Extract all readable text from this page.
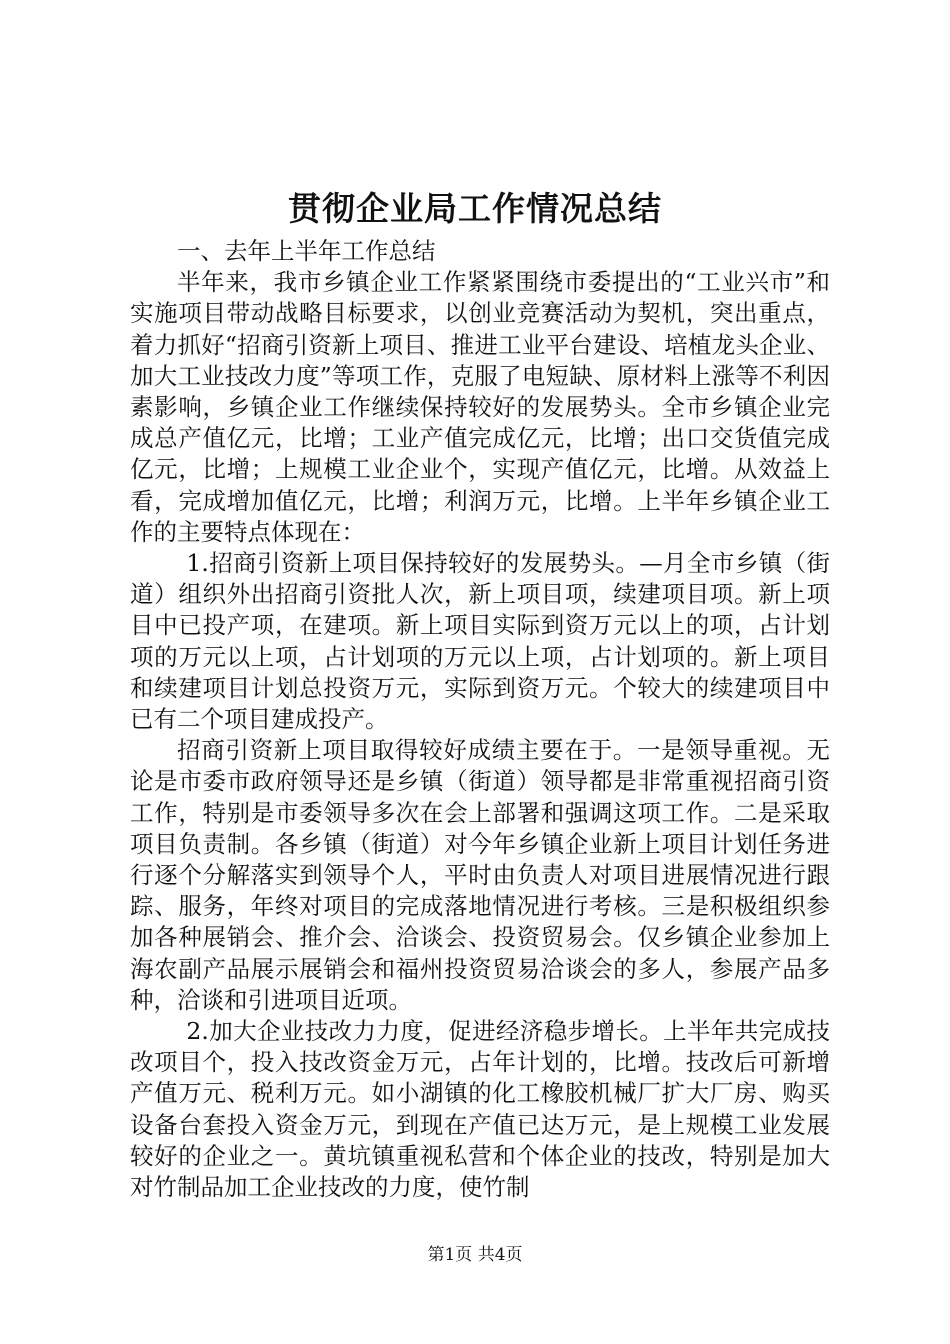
贯彻企业局工作情况总结

一、去年上半年工作总结

半年来，我市乡镇企业工作紧紧围绕市委提出的“工业兴市”和实施项目带动战略目标要求，以创业竞赛活动为契机，突出重点，着力抓好“招商引资新上项目、推进工业平台建设、培植龙头企业、加大工业技改力度”等项工作，克服了电短缺、原材料上涨等不利因素影响，乡镇企业工作继续保持较好的发展势头。全市乡镇企业完成总产值亿元，比增；工业产值完成亿元，比增；出口交货值完成亿元，比增；上规模工业企业个，实现产值亿元，比增。从效益上看，完成增加值亿元，比增；利润万元，比增。上半年乡镇企业工作的主要特点体现在：

1.招商引资新上项目保持较好的发展势头。—月全市乡镇（街道）组织外出招商引资批人次，新上项目项，续建项目项。新上项目中已投产项，在建项。新上项目实际到资万元以上的项，占计划项的万元以上项，占计划项的万元以上项，占计划项的。新上项目和续建项目计划总投资万元，实际到资万元。个较大的续建项目中已有二个项目建成投产。

招商引资新上项目取得较好成绩主要在于。一是领导重视。无论是市委市政府领导还是乡镇（街道）领导都是非常重视招商引资工作，特别是市委领导多次在会上部署和强调这项工作。二是采取项目负责制。各乡镇（街道）对今年乡镇企业新上项目计划任务进行逐个分解落实到领导个人，平时由负责人对项目进展情况进行跟踪、服务，年终对项目的完成落地情况进行考核。三是积极组织参加各种展销会、推介会、洽谈会、投资贸易会。仅乡镇企业参加上海农副产品展示展销会和福州投资贸易洽谈会的多人，参展产品多种，洽谈和引进项目近项。

2.加大企业技改力力度，促进经济稳步增长。上半年共完成技改项目个，投入技改资金万元，占年计划的，比增。技改后可新增产值万元、税利万元。如小湖镇的化工橡胶机械厂扩大厂房、购买设备台套投入资金万元，到现在产值已达万元，是上规模工业发展较好的企业之一。黄坑镇重视私营和个体企业的技改，特别是加大对竹制品加工企业技改的力度，使竹制

第1页 共4页
